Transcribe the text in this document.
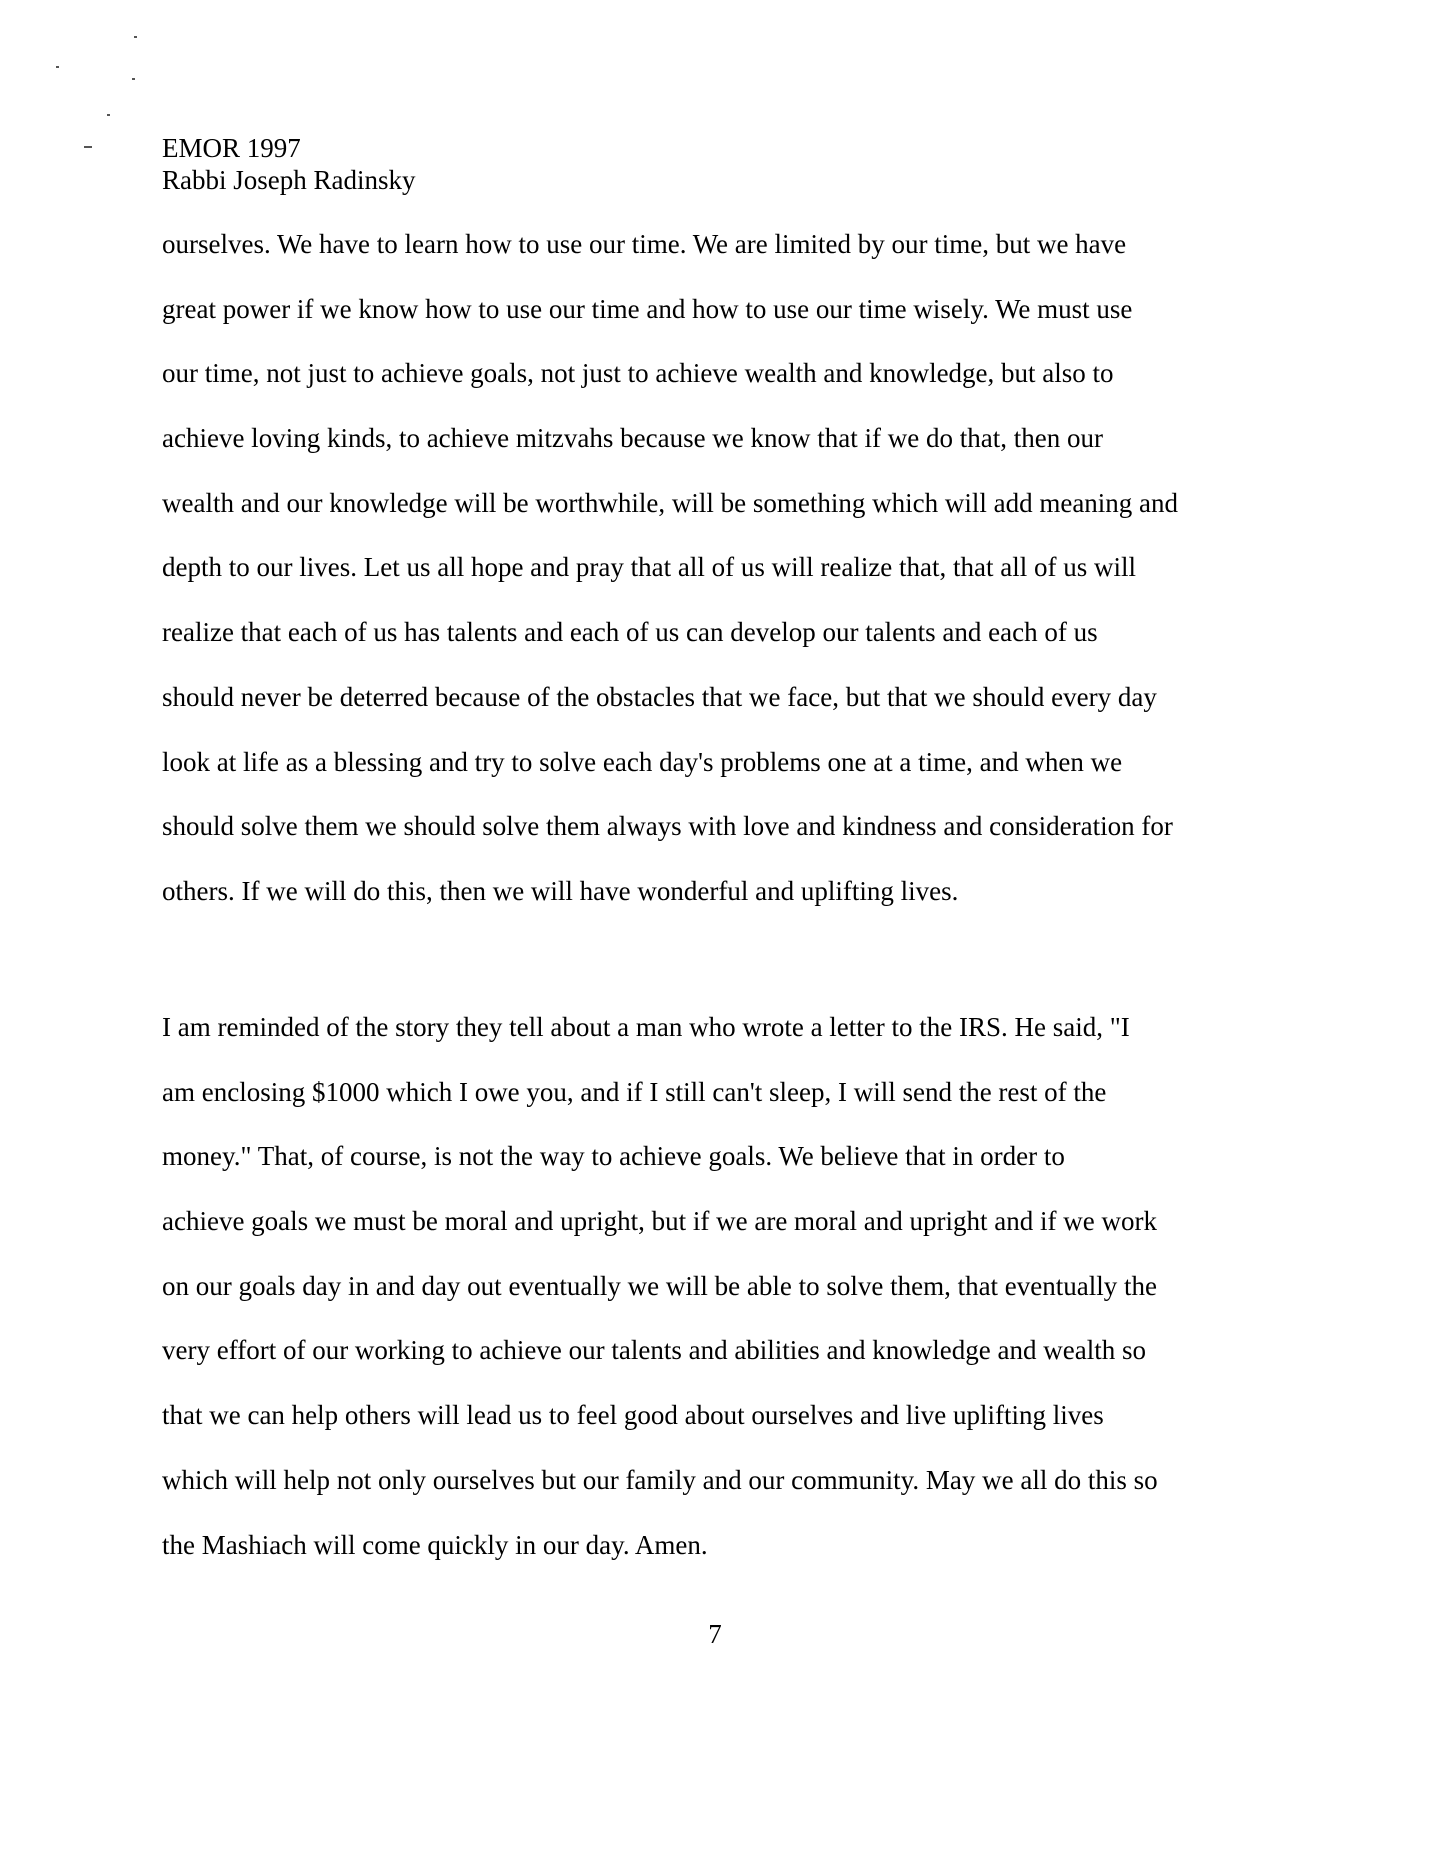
EMOR 1997
Rabbi Joseph Radinsky
ourselves. We have to learn how to use our time. We are limited by our time, but we have
great power if we know how to use our time and how to use our time wisely. We must use
our time, not just to achieve goals, not just to achieve wealth and knowledge, but also to
achieve loving kinds, to achieve mitzvahs because we know that if we do that, then our
wealth and our knowledge will be worthwhile, will be something which will add meaning and
depth to our lives. Let us all hope and pray that all of us will realize that, that all of us will
realize that each of us has talents and each of us can develop our talents and each of us
should never be deterred because of the obstacles that we face, but that we should every day
look at life as a blessing and try to solve each day's problems one at a time, and when we
should solve them we should solve them always with love and kindness and consideration for
others. If we will do this, then we will have wonderful and uplifting lives.
I am reminded of the story they tell about a man who wrote a letter to the IRS. He said, "I
am enclosing $1000 which I owe you, and if I still can't sleep, I will send the rest of the
money." That, of course, is not the way to achieve goals. We believe that in order to
achieve goals we must be moral and upright, but if we are moral and upright and if we work
on our goals day in and day out eventually we will be able to solve them, that eventually the
very effort of our working to achieve our talents and abilities and knowledge and wealth so
that we can help others will lead us to feel good about ourselves and live uplifting lives
which will help not only ourselves but our family and our community. May we all do this so
the Mashiach will come quickly in our day. Amen.
7
